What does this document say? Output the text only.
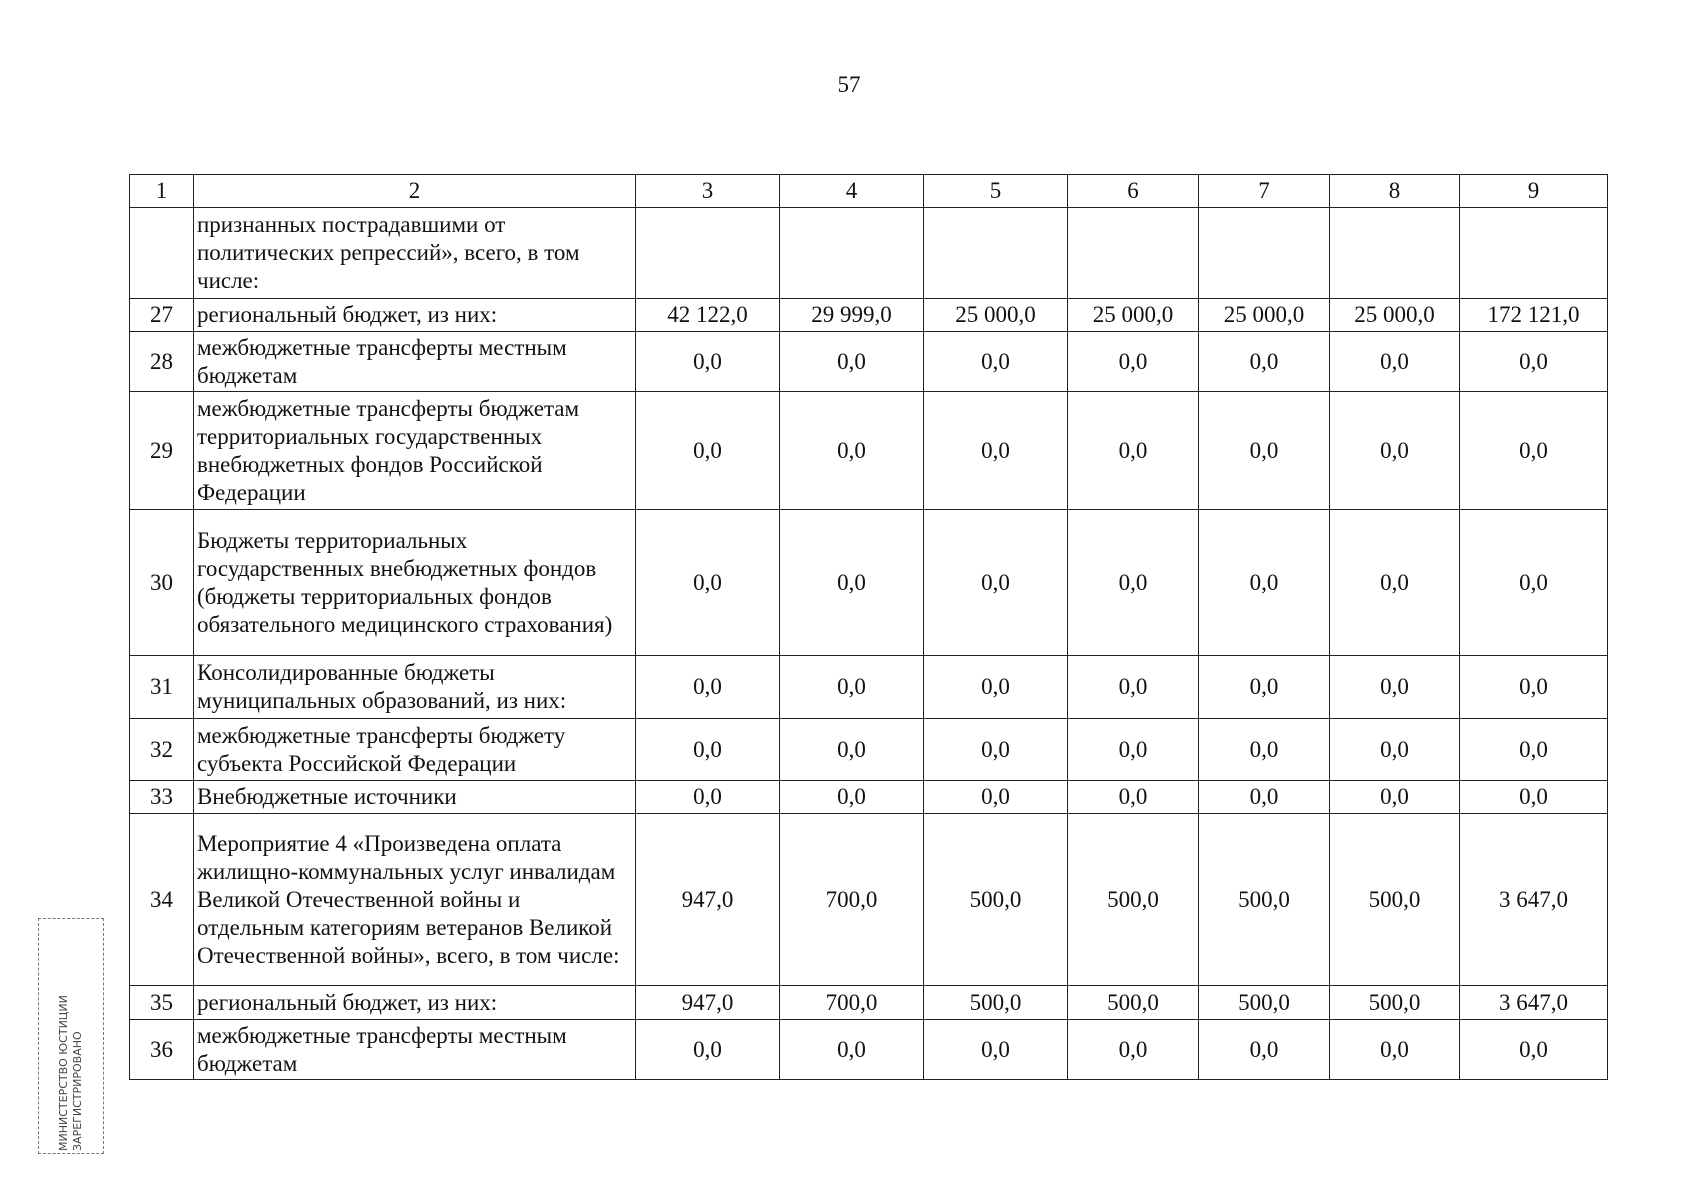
57
1	2	3	4	5	6	7	8	9
	признанных пострадавшими от политических репрессий», всего, в том числе:							
27	региональный бюджет, из них:	42 122,0	29 999,0	25 000,0	25 000,0	25 000,0	25 000,0	172 121,0
28	межбюджетные трансферты местным бюджетам	0,0	0,0	0,0	0,0	0,0	0,0	0,0
29	межбюджетные трансферты бюджетам территориальных государственных внебюджетных фондов Российской Федерации	0,0	0,0	0,0	0,0	0,0	0,0	0,0
30	Бюджеты территориальных государственных внебюджетных фондов (бюджеты территориальных фондов обязательного медицинского страхования)	0,0	0,0	0,0	0,0	0,0	0,0	0,0
31	Консолидированные бюджеты муниципальных образований, из них:	0,0	0,0	0,0	0,0	0,0	0,0	0,0
32	межбюджетные трансферты бюджету субъекта Российской Федерации	0,0	0,0	0,0	0,0	0,0	0,0	0,0
33	Внебюджетные источники	0,0	0,0	0,0	0,0	0,0	0,0	0,0
34	Мероприятие 4 «Произведена оплата жилищно-коммунальных услуг инвалидам Великой Отечественной войны и отдельным категориям ветеранов Великой Отечественной войны», всего, в том числе:	947,0	700,0	500,0	500,0	500,0	500,0	3 647,0
35	региональный бюджет, из них:	947,0	700,0	500,0	500,0	500,0	500,0	3 647,0
36	межбюджетные трансферты местным бюджетам	0,0	0,0	0,0	0,0	0,0	0,0	0,0
МИНИСТЕРСТВО ЮСТИЦИИ ЗАРЕГИСТРИРОВАНО
